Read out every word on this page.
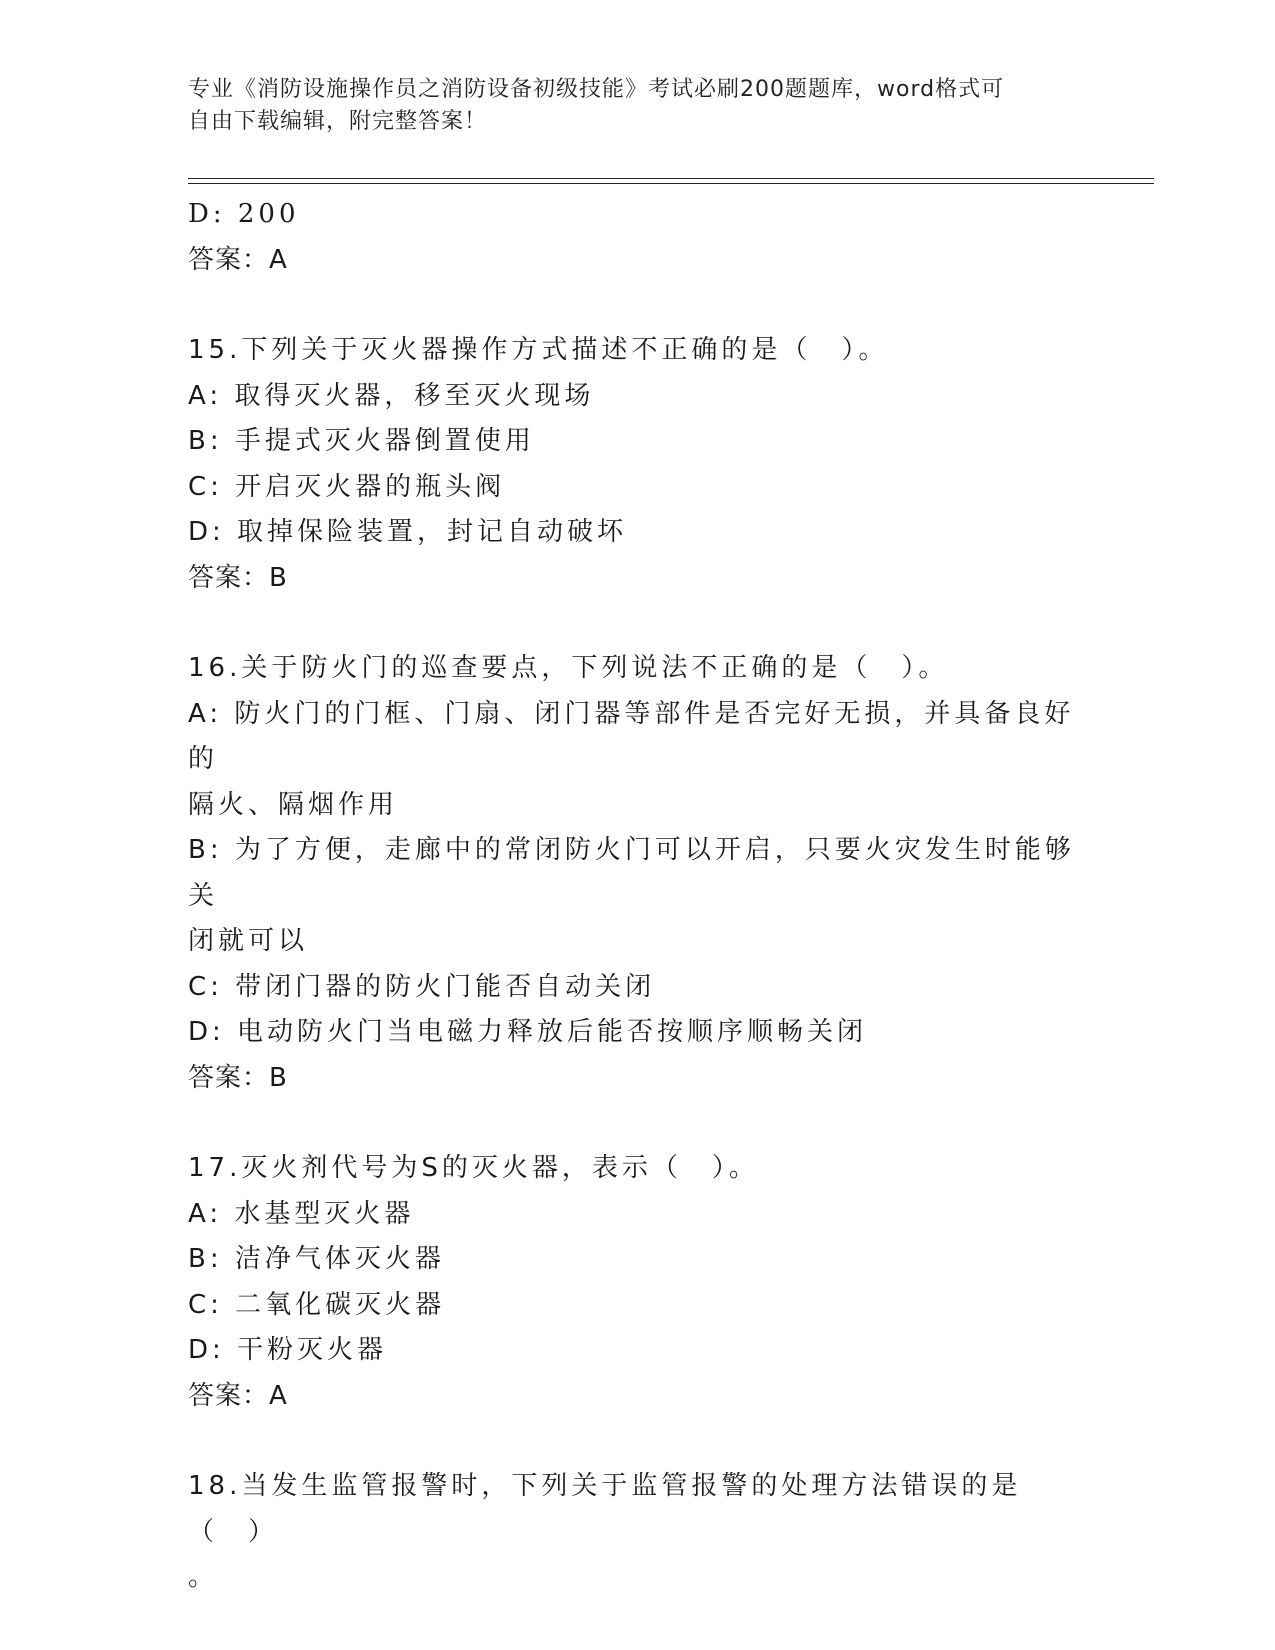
专业《消防设施操作员之消防设备初级技能》考试必刷200题题库，word格式可
自由下载编辑，附完整答案！
D: 200
答案：A
15.下列关于灭火器操作方式描述不正确的是（　）。
A: 取得灭火器，移至灭火现场
B: 手提式灭火器倒置使用
C: 开启灭火器的瓶头阀
D: 取掉保险装置，封记自动破坏
答案：B
16.关于防火门的巡查要点，下列说法不正确的是（　）。
A: 防火门的门框、门扇、闭门器等部件是否完好无损，并具备良好的
隔火、隔烟作用
B: 为了方便，走廊中的常闭防火门可以开启，只要火灾发生时能够关
闭就可以
C: 带闭门器的防火门能否自动关闭
D: 电动防火门当电磁力释放后能否按顺序顺畅关闭
答案：B
17.灭火剂代号为S的灭火器，表示（　）。
A: 水基型灭火器
B: 洁净气体灭火器
C: 二氧化碳灭火器
D: 干粉灭火器
答案：A
18.当发生监管报警时，下列关于监管报警的处理方法错误的是（　）
。
